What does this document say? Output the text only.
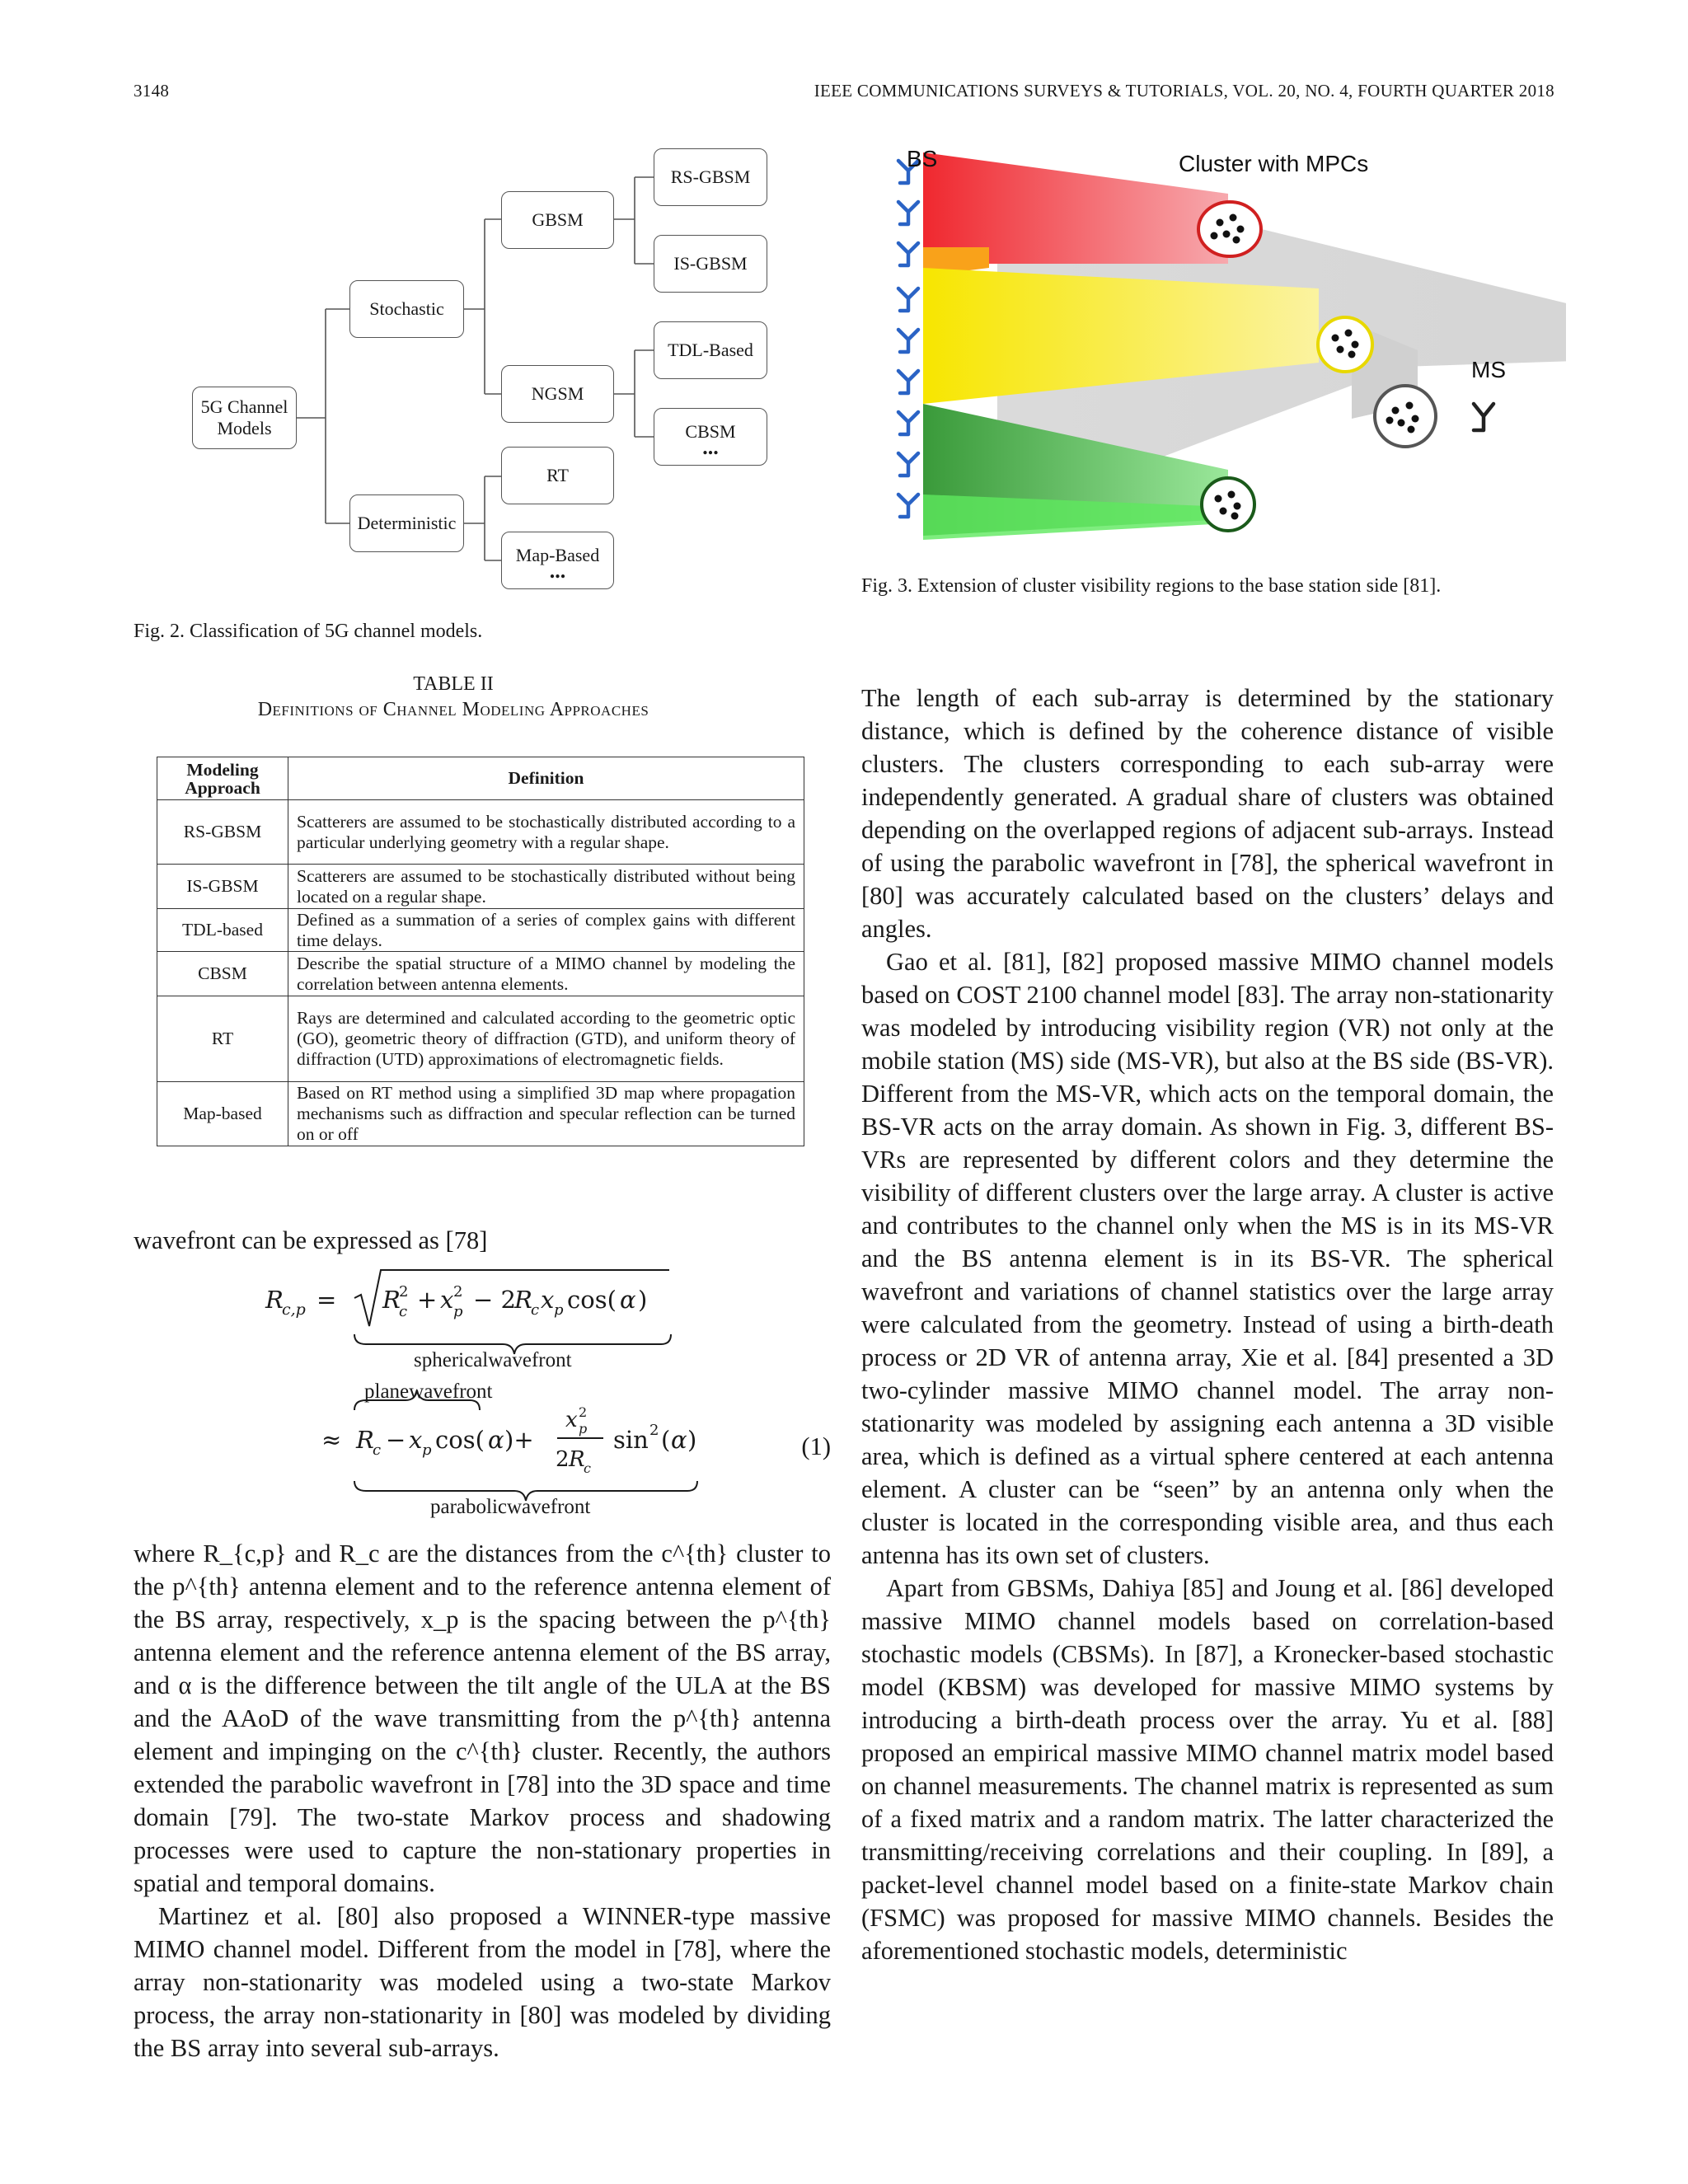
3148	IEEE COMMUNICATIONS SURVEYS & TUTORIALS, VOL. 20, NO. 4, FOURTH QUARTER 2018
5G Channel
Models
Stochastic
Deterministic
GBSM
NGSM
RT
Map-Based
...
RS-GBSM
IS-GBSM
TDL-Based
CBSM
...
Fig. 2. Classification of 5G channel models.
BS	Cluster with MPCs
MS
Fig. 3. Extension of cluster visibility regions to the base station side [81].
TABLE II
Definitions of Channel Modeling Approaches
Modeling Approach	Definition
RS-GBSM	Scatterers are assumed to be stochastically distributed according to a particular underlying geometry with a regular shape.
IS-GBSM	Scatterers are assumed to be stochastically distributed without being located on a regular shape.
TDL-based	Defined as a summation of a series of complex gains with different time delays.
CBSM	Describe the spatial structure of a MIMO channel by modeling the correlation between antenna elements.
RT	Rays are determined and calculated according to the geometric optic (GO), geometric theory of diffraction (GTD), and uniform theory of diffraction (UTD) approximations of electromagnetic fields.
Map-based	Based on RT method using a simplified 3D map where propagation mechanisms such as diffraction and specular reflection can be turned on or off

wavefront can be expressed as [78]

R
c,p = R
2
c + x 2
p − 2
R
c x p cos( α )
≈ R
c − x p cos( α )+
x 2
p
2 R
c
sin 2 ( α )
sphericalwavefront
planewavefront
parabolicwavefront
(1)

where R_{c,p} and R_c are the distances from the c^{th} cluster to the p^{th} antenna element and to the reference antenna element of the BS array, respectively, x_p is the spacing between the p^{th} antenna element and the reference antenna element of the BS array, and α is the difference between the tilt angle of the ULA at the BS and the AAoD of the wave transmitting from the p^{th} antenna element and impinging on the c^{th} cluster. Recently, the authors extended the parabolic wavefront in [78] into the 3D space and time domain [79]. The two-state Markov process and shadowing processes were used to capture the non-stationary properties in spatial and temporal domains.

Martinez et al. [80] also proposed a WINNER-type massive MIMO channel model. Different from the model in [78], where the array non-stationarity was modeled using a two-state Markov process, the array non-stationarity in [80] was modeled by dividing the BS array into several sub-arrays.

The length of each sub-array is determined by the stationary distance, which is defined by the coherence distance of visible clusters. The clusters corresponding to each sub-array were independently generated. A gradual share of clusters was obtained depending on the overlapped regions of adjacent sub-arrays. Instead of using the parabolic wavefront in [78], the spherical wavefront in [80] was accurately calculated based on the clusters’ delays and angles.

Gao et al. [81], [82] proposed massive MIMO channel models based on COST 2100 channel model [83]. The array non-stationarity was modeled by introducing visibility region (VR) not only at the mobile station (MS) side (MS-VR), but also at the BS side (BS-VR). Different from the MS-VR, which acts on the temporal domain, the BS-VR acts on the array domain. As shown in Fig. 3, different BS-VRs are represented by different colors and they determine the visibility of different clusters over the large array. A cluster is active and contributes to the channel only when the MS is in its MS-VR and the BS antenna element is in its BS-VR. The spherical wavefront and variations of channel statistics over the large array were calculated from the geometry. Instead of using a birth-death process or 2D VR of antenna array, Xie et al. [84] presented a 3D two-cylinder massive MIMO channel model. The array non-stationarity was modeled by assigning each antenna a 3D visible area, which is defined as a virtual sphere centered at each antenna element. A cluster can be “seen” by an antenna only when the cluster is located in the corresponding visible area, and thus each antenna has its own set of clusters.

Apart from GBSMs, Dahiya [85] and Joung et al. [86] developed massive MIMO channel models based on correlation-based stochastic models (CBSMs). In [87], a Kronecker-based stochastic model (KBSM) was developed for massive MIMO systems by introducing a birth-death process over the array. Yu et al. [88] proposed an empirical massive MIMO channel matrix model based on channel measurements. The channel matrix is represented as sum of a fixed matrix and a random matrix. The latter characterized the transmitting/receiving correlations and their coupling. In [89], a packet-level channel model based on a finite-state Markov chain (FSMC) was proposed for massive MIMO channels. Besides the aforementioned stochastic models, deterministic
